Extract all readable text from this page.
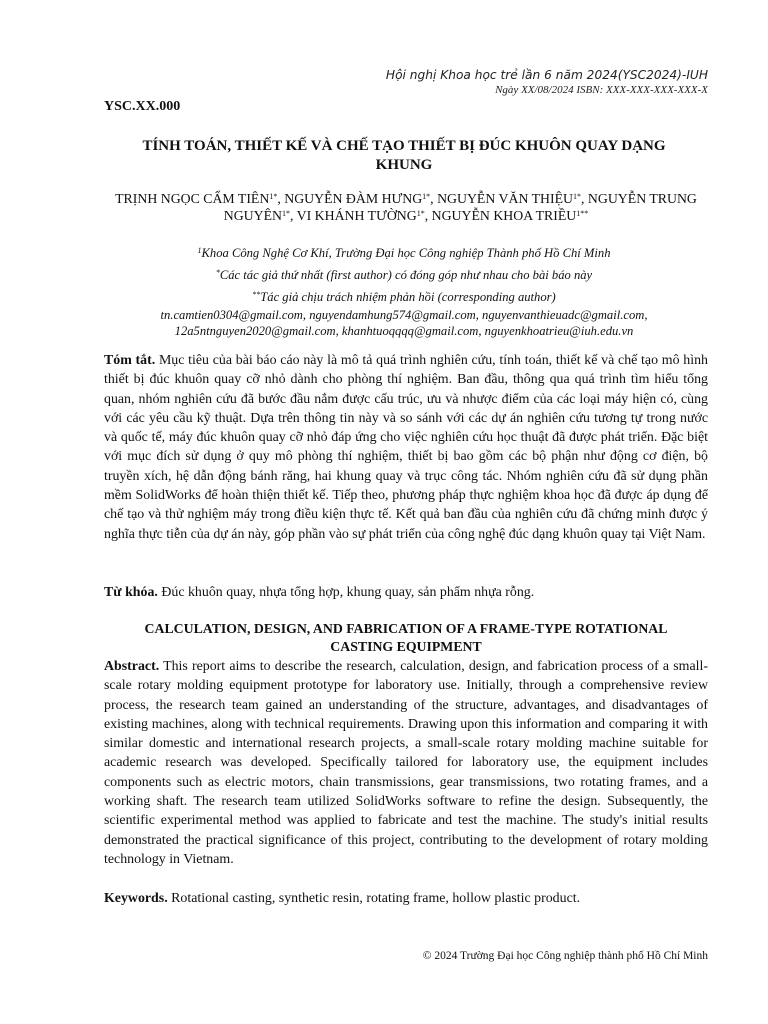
Hội nghị Khoa học trẻ lần 6 năm 2024(YSC2024)-IUH
Ngày XX/08/2024 ISBN: XXX-XXX-XXX-XXX-X
YSC.XX.000
TÍNH TOÁN, THIẾT KẾ VÀ CHẾ TẠO THIẾT BỊ ĐÚC KHUÔN QUAY DẠNG
KHUNG
TRỊNH NGỌC CẨM $TIÊN^{1*}$, NGUYỄN ĐÀM $HƯNG^{1*}$, NGUYỄN VĂN THIỆU$^{1*}$, NGUYỄN TRUNG $NGUYÊN^{1*}$, VI KHÁNH TƯỜNG$^{1*}$, NGUYỄN KHOA TRIỀU$^{1**}$
$^1$Khoa Công Nghệ Cơ Khí, Trường Đại học Công nghiệp Thành phố Hồ Chí Minh
*Các tác giả thứ nhất (first author) có đóng góp như nhau cho bài báo này
**Tác giả chịu trách nhiệm phản hồi (corresponding author)
tn.camtien0304@gmail.com, nguyendamhung574@gmail.com, nguyenvanthieuadc@gmail.com,
12a5ntnguyen2020@gmail.com, khanhtuoqqqq@gmail.com, nguyenkhoatrieu@iuh.edu.vn
Tóm tắt. Mục tiêu của bài báo cáo này là mô tả quá trình nghiên cứu, tính toán, thiết kế và chế tạo mô hình thiết bị đúc khuôn quay cỡ nhỏ dành cho phòng thí nghiệm. Ban đầu, thông qua quá trình tìm hiểu tổng quan, nhóm nghiên cứu đã bước đầu nắm được cấu trúc, ưu và nhược điểm của các loại máy hiện có, cùng với các yêu cầu kỹ thuật. Dựa trên thông tin này và so sánh với các dự án nghiên cứu tương tự trong nước và quốc tế, máy đúc khuôn quay cỡ nhỏ đáp ứng cho việc nghiên cứu học thuật đã được phát triển. Đặc biệt với mục đích sử dụng ở quy mô phòng thí nghiệm, thiết bị bao gồm các bộ phận như động cơ điện, bộ truyền xích, hệ dẫn động bánh răng, hai khung quay và trục công tác. Nhóm nghiên cứu đã sử dụng phần mềm SolidWorks để hoàn thiện thiết kế. Tiếp theo, phương pháp thực nghiệm khoa học đã được áp dụng để chế tạo và thử nghiệm máy trong điều kiện thực tế. Kết quả ban đầu của nghiên cứu đã chứng minh được ý nghĩa thực tiễn của dự án này, góp phần vào sự phát triển của công nghệ đúc dạng khuôn quay tại Việt Nam.
Từ khóa. Đúc khuôn quay, nhựa tổng hợp, khung quay, sản phẩm nhựa rỗng.
CALCULATION, DESIGN, AND FABRICATION OF A FRAME-TYPE ROTATIONAL
CASTING EQUIPMENT
Abstract. This report aims to describe the research, calculation, design, and fabrication process of a small-scale rotary molding equipment prototype for laboratory use. Initially, through a comprehensive review process, the research team gained an understanding of the structure, advantages, and disadvantages of existing machines, along with technical requirements. Drawing upon this information and comparing it with similar domestic and international research projects, a small-scale rotary molding machine suitable for academic research was developed. Specifically tailored for laboratory use, the equipment includes components such as electric motors, chain transmissions, gear transmissions, two rotating frames, and a working shaft. The research team utilized SolidWorks software to refine the design. Subsequently, the scientific experimental method was applied to fabricate and test the machine. The study's initial results demonstrated the practical significance of this project, contributing to the development of rotary molding technology in Vietnam.
Keywords. Rotational casting, synthetic resin, rotating frame, hollow plastic product.
© 2024 Trường Đại học Công nghiệp thành phố Hồ Chí Minh
